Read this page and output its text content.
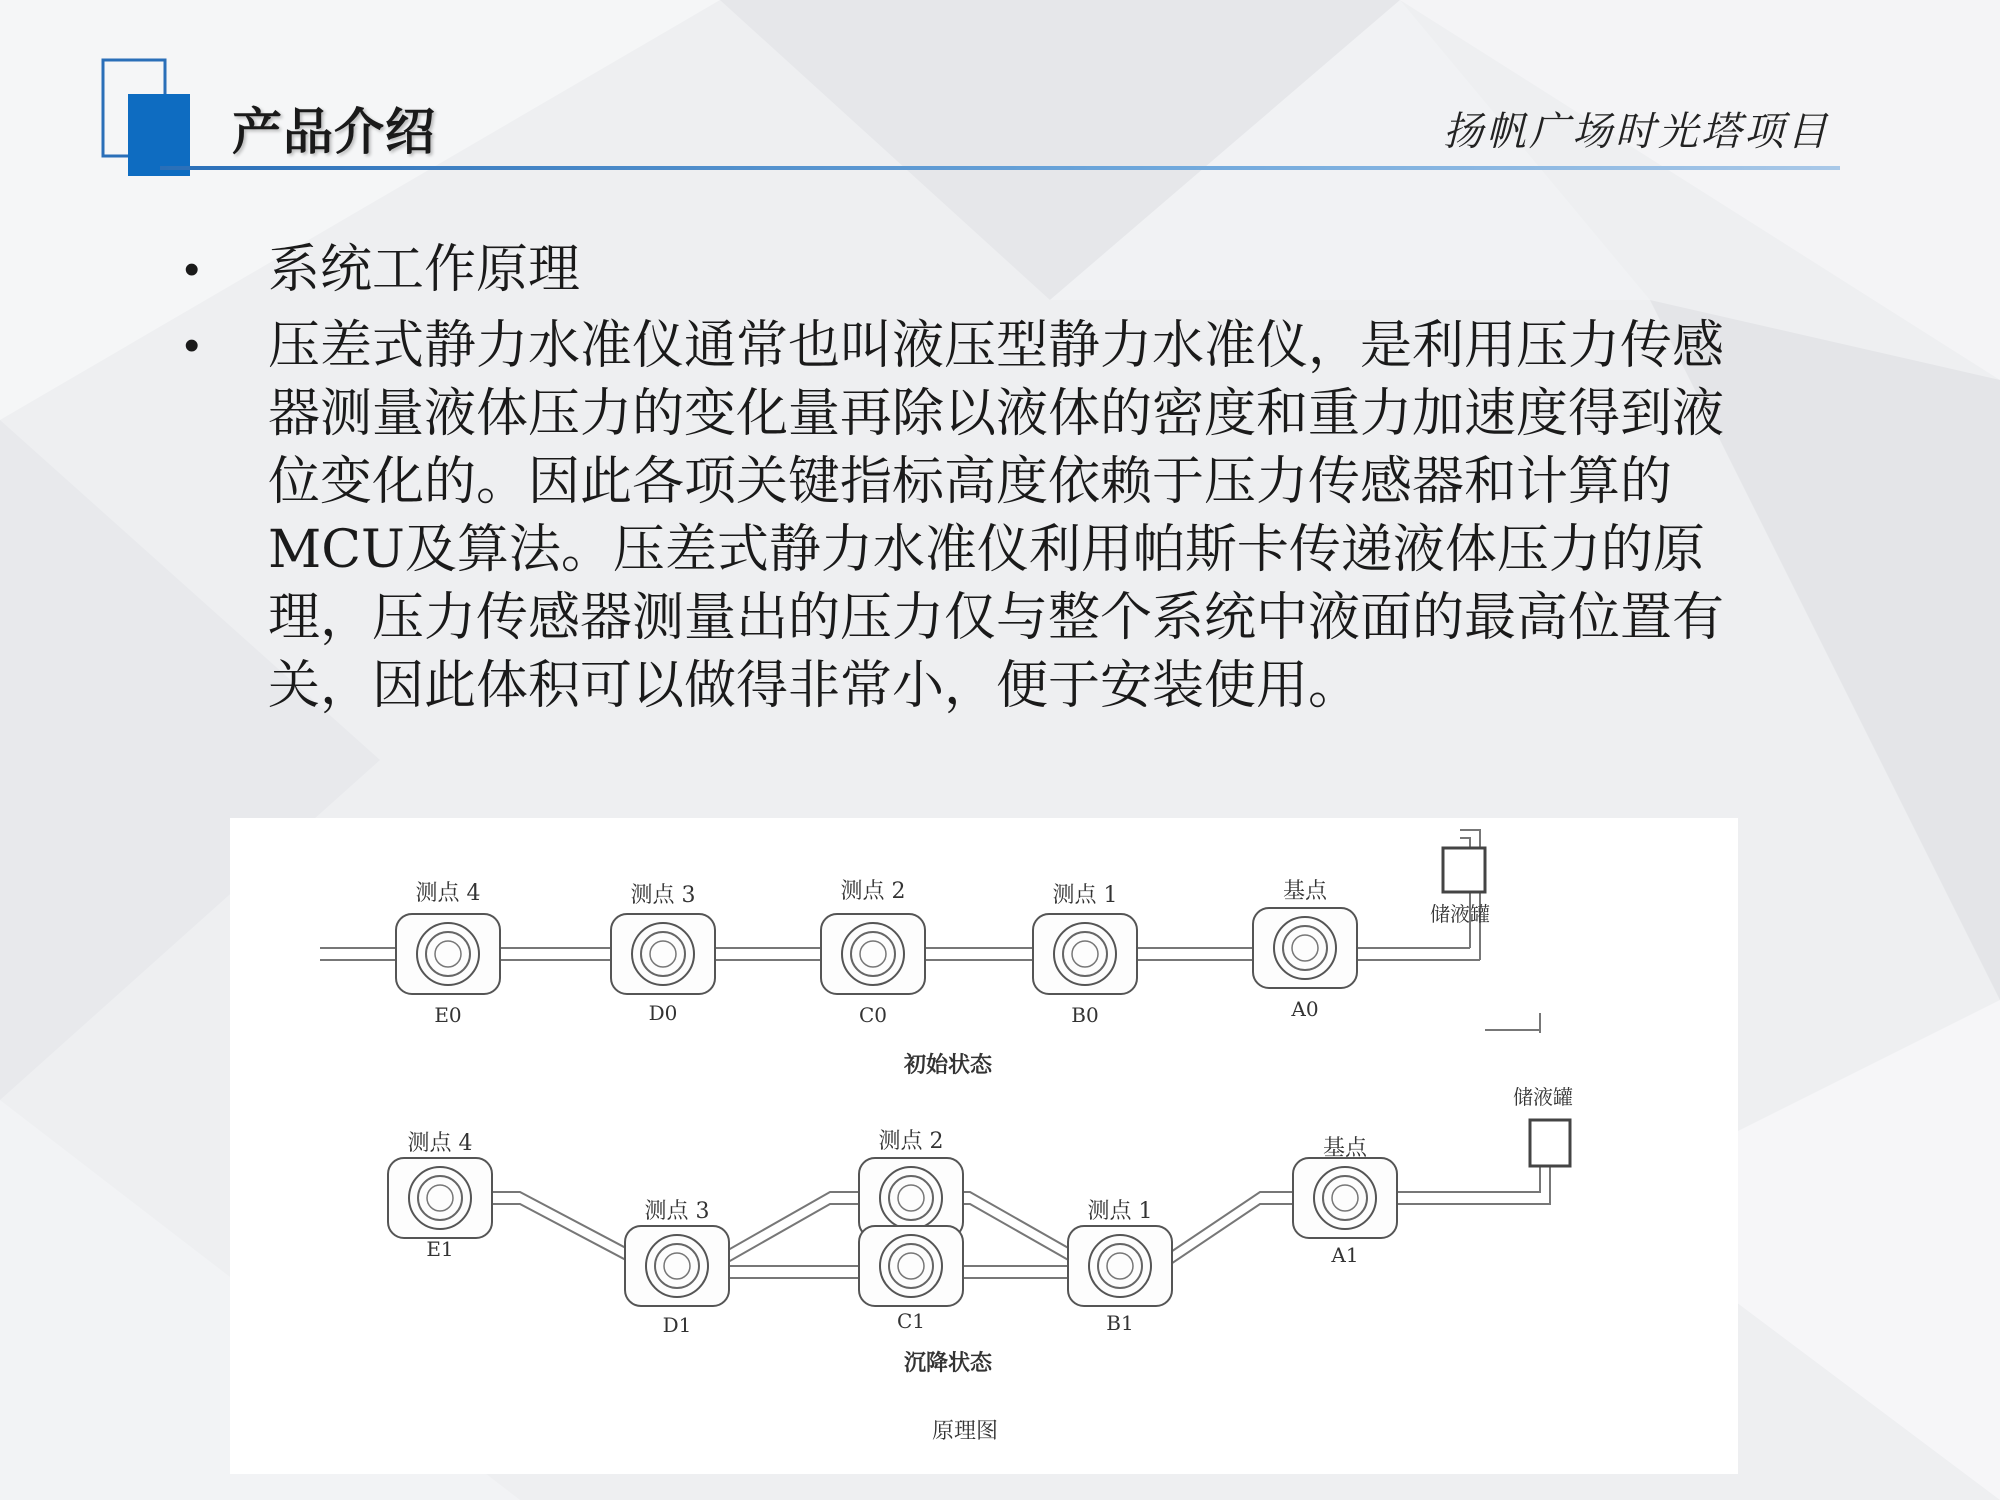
产品介绍	扬帆广场时光塔项目
•	系统工作原理
•	压差式静力水准仪通常也叫液压型静力水准仪，是利用压力传感器测量液体压力的变化量再除以液体的密度和重力加速度得到液位变化的。因此各项关键指标高度依赖于压力传感器和计算的MCU及算法。压差式静力水准仪利用帕斯卡传递液体压力的原理，压力传感器测量出的压力仅与整个系统中液面的最高位置有关，因此体积可以做得非常小，便于安装使用。
测点 4	测点 3	测点 2	测点 1	基点
储液罐
E0	D0	C0	B0	A0
初始状态
测点 4
测点 3
测点 2
测点 1
基点
储液罐
E1
D1	C1	B1
A1
沉降状态
原理图
